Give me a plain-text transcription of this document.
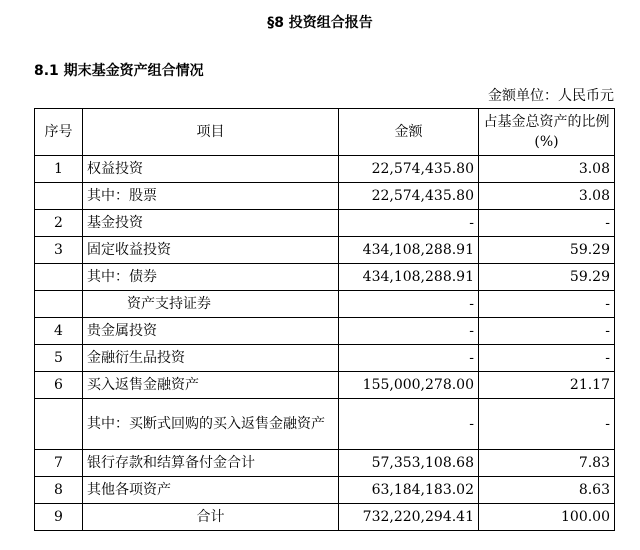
§8 投资组合报告
8.1 期末基金资产组合情况
金额单位：人民币元
序号	项目	金额	占基金总资产的比例(%)
1	权益投资	22,574,435.80	3.08
	其中：股票	22,574,435.80	3.08
2	基金投资	-	-
3	固定收益投资	434,108,288.91	59.29
	其中：债券	434,108,288.91	59.29
	资产支持证券	-	-
4	贵金属投资	-	-
5	金融衍生品投资	-	-
6	买入返售金融资产	155,000,278.00	21.17
	其中：买断式回购的买入返售金融资产	-	-
7	银行存款和结算备付金合计	57,353,108.68	7.83
8	其他各项资产	63,184,183.02	8.63
9	合计	732,220,294.41	100.00
